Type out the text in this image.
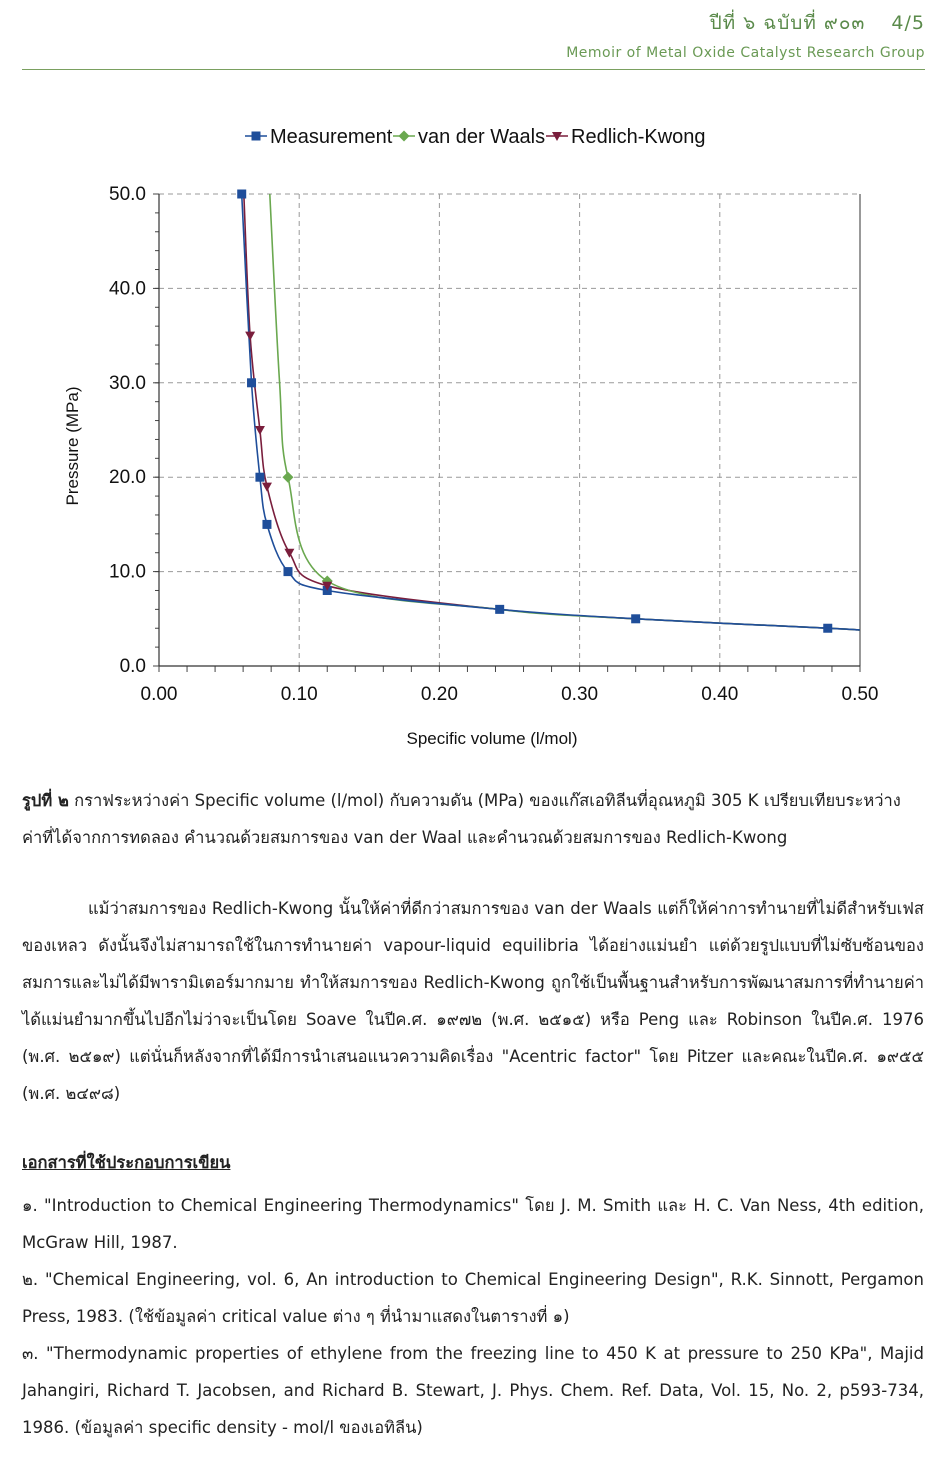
ปีที่ ๖ ฉบับที่ ๙๐๓ 4/5
Memoir of Metal Oxide Catalyst Research Group
Measurement van der Waals Redlich-Kwong
0.0
10.0
20.0
30.0
40.0
50.0
0.00	0.10	0.20	0.30	0.40	0.50
Specific volume (l/mol)
Pressure (MPa)
รูปที่ ๒ กราฟระหว่างค่า Specific volume (l/mol) กับความดัน (MPa) ของแก๊สเอทิลีนที่อุณหภูมิ 305 K เปรียบเทียบระหว่างค่าที่ได้จากการทดลอง คำนวณด้วยสมการของ van der Waal และคำนวณด้วยสมการของ Redlich-Kwong
แม้ว่าสมการของ Redlich-Kwong นั้นให้ค่าที่ดีกว่าสมการของ van der Waals แต่ก็ให้ค่าการทำนายที่ไม่ดีสำหรับเฟสของเหลว ดังนั้นจึงไม่สามารถใช้ในการทำนายค่า vapour-liquid equilibria ได้อย่างแม่นยำ แต่ด้วยรูปแบบที่ไม่ซับซ้อนของสมการและไม่ได้มีพารามิเตอร์มากมาย ทำให้สมการของ Redlich-Kwong ถูกใช้เป็นพื้นฐานสำหรับการพัฒนาสมการที่ทำนายค่าได้แม่นยำมากขึ้นไปอีกไม่ว่าจะเป็นโดย Soave ในปีค.ศ. ๑๙๗๒ (พ.ศ. ๒๕๑๕) หรือ Peng และ Robinson ในปีค.ศ. 1976 (พ.ศ. ๒๕๑๙) แต่นั่นก็หลังจากที่ได้มีการนำเสนอแนวความคิดเรื่อง "Acentric factor" โดย Pitzer และคณะในปีค.ศ. ๑๙๕๕ (พ.ศ. ๒๔๙๘)
เอกสารที่ใช้ประกอบการเขียน

๑. "Introduction to Chemical Engineering Thermodynamics" โดย J. M. Smith และ H. C. Van Ness, 4th edition, McGraw Hill, 1987.

๒. "Chemical Engineering, vol. 6, An introduction to Chemical Engineering Design", R.K. Sinnott, Pergamon Press, 1983. (ใช้ข้อมูลค่า critical value ต่าง ๆ ที่นำมาแสดงในตารางที่ ๑)

๓. "Thermodynamic properties of ethylene from the freezing line to 450 K at pressure to 250 KPa", Majid Jahangiri, Richard T. Jacobsen, and Richard B. Stewart, J. Phys. Chem. Ref. Data, Vol. 15, No. 2, p593-734, 1986. (ข้อมูลค่า specific density - mol/l ของเอทิลีน)
